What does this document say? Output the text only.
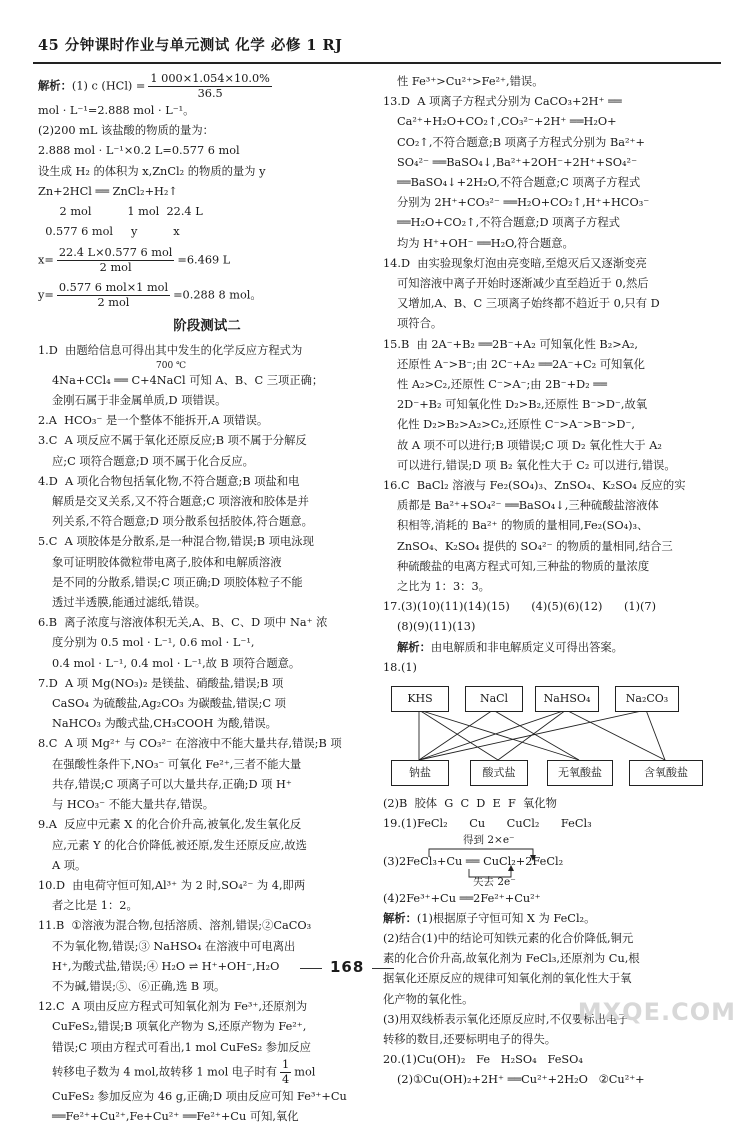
45 分钟课时作业与单元测试 化学 必修 1 RJ

解析：(1) c $(HCl) = \frac{1 000\times 1.054\times 10.0\%}{36.5}$

mol · L⁻¹=2.888 mol · L⁻¹。

(2)200 mL 该盐酸的物质的量为：

2.888 mol · L⁻¹×0.2 L=0.577 6 mol

设生成 H₂ 的体积为 x,ZnCl₂ 的物质的量为 y

Zn+2HCl ══ ZnCl₂+H₂↑

2 mol          1 mol  22.4 L

0.577 6 mol     y          x

$x= \frac{\text{22.4 L×0.577 6 mol}}{\text{2 mol}} =6.469$ L

$y= \frac{\text{0.577 6 mol×1 mol}}{\text{2 mol}} =0.288$ 8 mol。

阶段测试二

1.D  由题给信息可得出其中发生的化学反应方程式为

700 ℃

4Na+CCl₄ ══ C+4NaCl 可知 A、B、C 三项正确；

金刚石属于非金属单质,D 项错误。

2.A  HCO₃⁻ 是一个整体不能拆开,A 项错误。

3.C  A 项反应不属于氧化还原反应;B 项不属于分解反

应;C 项符合题意;D 项不属于化合反应。

4.D  A 项化合物包括氧化物,不符合题意;B 项盐和电

解质是交叉关系,又不符合题意;C 项溶液和胶体是并

列关系,不符合题意;D 项分散系包括胶体,符合题意。

5.C  A 项胶体是分散系,是一种混合物,错误;B 项电泳现

象可证明胶体微粒带电离子,胶体和电解质溶液

是不同的分散系,错误;C 项正确;D 项胶体粒子不能

透过半透膜,能通过滤纸,错误。

6.B  离子浓度与溶液体积无关,A、B、C、D 项中 Na⁺ 浓

度分别为 0.5 mol · L⁻¹, 0.6 mol · L⁻¹,

0.4 mol · L⁻¹, 0.4 mol · L⁻¹,故 B 项符合题意。

7.D  A 项 Mg(NO₃)₂ 是镁盐、硝酸盐,错误;B 项

CaSO₄ 为硫酸盐,Ag₂CO₃ 为碳酸盐,错误;C 项

NaHCO₃ 为酸式盐,CH₃COOH 为酸,错误。

8.C  A 项 Mg²⁺ 与 CO₃²⁻ 在溶液中不能大量共存,错误;B 项

在强酸性条件下,NO₃⁻ 可氧化 Fe²⁺,三者不能大量

共存,错误;C 项离子可以大量共存,正确;D 项 H⁺

与 HCO₃⁻ 不能大量共存,错误。

9.A  反应中元素 X 的化合价升高,被氧化,发生氧化反

应,元素 Y 的化合价降低,被还原,发生还原反应,故选

A 项。

10.D  由电荷守恒可知,Al³⁺ 为 2 时,SO₄²⁻ 为 4,即两

者之比是 1：2。

11.B  ①溶液为混合物,包括溶质、溶剂,错误;②CaCO₃

不为氧化物,错误;③ NaHSO₄ 在溶液中可电离出

H⁺,为酸式盐,错误;④ H₂O ⇌ H⁺+OH⁻,H₂O

不为碱,错误;⑤、⑥正确,选 B 项。

12.C  A 项由反应方程式可知氧化剂为 Fe³⁺,还原剂为

CuFeS₂,错误;B 项氧化产物为 S,还原产物为 Fe²⁺,

错误;C 项由方程式可看出,1 mol CuFeS₂ 参加反应

转移电子数为 4 mol,故转移 1 mol 电子时有 $\frac{1}{4}$ mol

CuFeS₂ 参加反应为 46 g,正确;D 项由反应可知 Fe³⁺+Cu

══Fe²⁺+Cu²⁺,Fe+Cu²⁺ ══Fe²⁺+Cu 可知,氧化

性 Fe³⁺>Cu²⁺>Fe²⁺,错误。

13.D  A 项离子方程式分别为 CaCO₃+2H⁺ ══

Ca²⁺+H₂O+CO₂↑,CO₃²⁻+2H⁺ ══H₂O+

CO₂↑,不符合题意;B 项离子方程式分别为 Ba²⁺+

SO₄²⁻ ══BaSO₄↓,Ba²⁺+2OH⁻+2H⁺+SO₄²⁻

══BaSO₄↓+2H₂O,不符合题意;C 项离子方程式

分别为 2H⁺+CO₃²⁻ ══H₂O+CO₂↑,H⁺+HCO₃⁻

══H₂O+CO₂↑,不符合题意;D 项离子方程式

均为 H⁺+OH⁻ ══H₂O,符合题意。

14.D  由实验现象灯泡由亮变暗,至熄灭后又逐渐变亮

可知溶液中离子开始时逐渐减少直至趋近于 0,然后

又增加,A、B、C 三项离子始终都不趋近于 0,只有 D

项符合。

15.B  由 2A⁻+B₂ ══2B⁻+A₂ 可知氧化性 B₂>A₂,

还原性 A⁻>B⁻;由 2C⁻+A₂ ══2A⁻+C₂ 可知氧化

性 A₂>C₂,还原性 C⁻>A⁻;由 2B⁻+D₂ ══

2D⁻+B₂ 可知氧化性 D₂>B₂,还原性 B⁻>D⁻,故氧

化性 D₂>B₂>A₂>C₂,还原性 C⁻>A⁻>B⁻>D⁻,

故 A 项不可以进行;B 项错误;C 项 D₂ 氧化性大于 A₂

可以进行,错误;D 项 B₂ 氧化性大于 C₂ 可以进行,错误。

16.C  BaCl₂ 溶液与 Fe₂(SO₄)₃、ZnSO₄、K₂SO₄ 反应的实

质都是 Ba²⁺+SO₄²⁻ ══BaSO₄↓,三种硫酸盐溶液体

积相等,消耗的 Ba²⁺ 的物质的量相同,Fe₂(SO₄)₃、

ZnSO₄、K₂SO₄ 提供的 SO₄²⁻ 的物质的量相同,结合三

种硫酸盐的电离方程式可知,三种盐的物质的量浓度

之比为 1：3：3。

17.(3)(10)(11)(14)(15)      (4)(5)(6)(12)      (1)(7)

(8)(9)(11)(13)

解析：由电解质和非电解质定义可得出答案。

18.(1)

KHS	NaCl	NaHSO₄	Na₂CO₃
钠盐	酸式盐	无氧酸盐	含氧酸盐

(2)B  胶体  G  C  D  E  F  氧化物

19.(1)FeCl₂      Cu      CuCl₂      FeCl₃

得到 2×e⁻
(3)2FeCl₃+Cu ══ CuCl₂+2FeCl₂
失去 2e⁻

(4)2Fe³⁺+Cu ══2Fe²⁺+Cu²⁺

解析：(1)根据原子守恒可知 X 为 FeCl₂。

(2)结合(1)中的结论可知铁元素的化合价降低,铜元

素的化合价升高,故氧化剂为 FeCl₃,还原剂为 Cu,根

据氧化还原反应的规律可知氧化剂的氧化性大于氧

化产物的氧化性。

(3)用双线桥表示氧化还原反应时,不仅要标出电子

转移的数目,还要标明电子的得失。

20.(1)Cu(OH)₂   Fe   H₂SO₄   FeSO₄

(2)①Cu(OH)₂+2H⁺ ══Cu²⁺+2H₂O   ②Cu²⁺+

168
MXQE.COM
